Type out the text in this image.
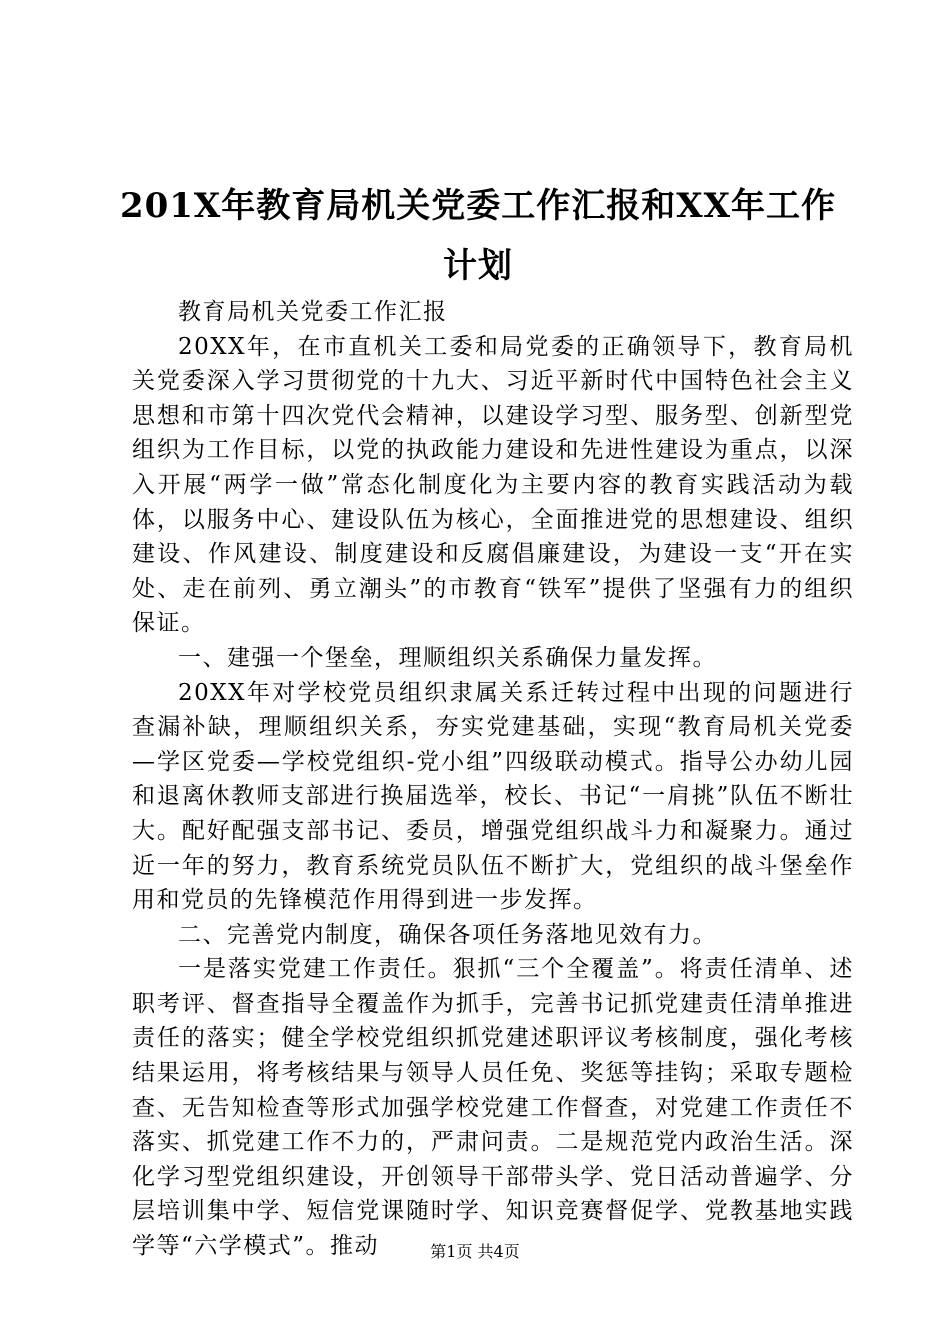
201X年教育局机关党委工作汇报和XX年工作计划

教育局机关党委工作汇报

20XX年，在市直机关工委和局党委的正确领导下，教育局机关党委深入学习贯彻党的十九大、习近平新时代中国特色社会主义思想和市第十四次党代会精神，以建设学习型、服务型、创新型党组织为工作目标，以党的执政能力建设和先进性建设为重点，以深入开展“两学一做”常态化制度化为主要内容的教育实践活动为载体，以服务中心、建设队伍为核心，全面推进党的思想建设、组织建设、作风建设、制度建设和反腐倡廉建设，为建设一支“开在实处、走在前列、勇立潮头”的市教育“铁军”提供了坚强有力的组织保证。

一、建强一个堡垒，理顺组织关系确保力量发挥。

20XX年对学校党员组织隶属关系迁转过程中出现的问题进行查漏补缺，理顺组织关系，夯实党建基础，实现“教育局机关党委—学区党委—学校党组织-党小组”四级联动模式。指导公办幼儿园和退离休教师支部进行换届选举，校长、书记“一肩挑”队伍不断壮大。配好配强支部书记、委员，增强党组织战斗力和凝聚力。通过近一年的努力，教育系统党员队伍不断扩大，党组织的战斗堡垒作用和党员的先锋模范作用得到进一步发挥。

二、完善党内制度，确保各项任务落地见效有力。

一是落实党建工作责任。狠抓“三个全覆盖”。将责任清单、述职考评、督查指导全覆盖作为抓手，完善书记抓党建责任清单推进责任的落实；健全学校党组织抓党建述职评议考核制度，强化考核结果运用，将考核结果与领导人员任免、奖惩等挂钩；采取专题检查、无告知检查等形式加强学校党建工作督查，对党建工作责任不落实、抓党建工作不力的，严肃问责。二是规范党内政治生活。深化学习型党组织建设，开创领导干部带头学、党日活动普遍学、分层培训集中学、短信党课随时学、知识竞赛督促学、党教基地实践学等“六学模式”。推动	第1页 共4页
